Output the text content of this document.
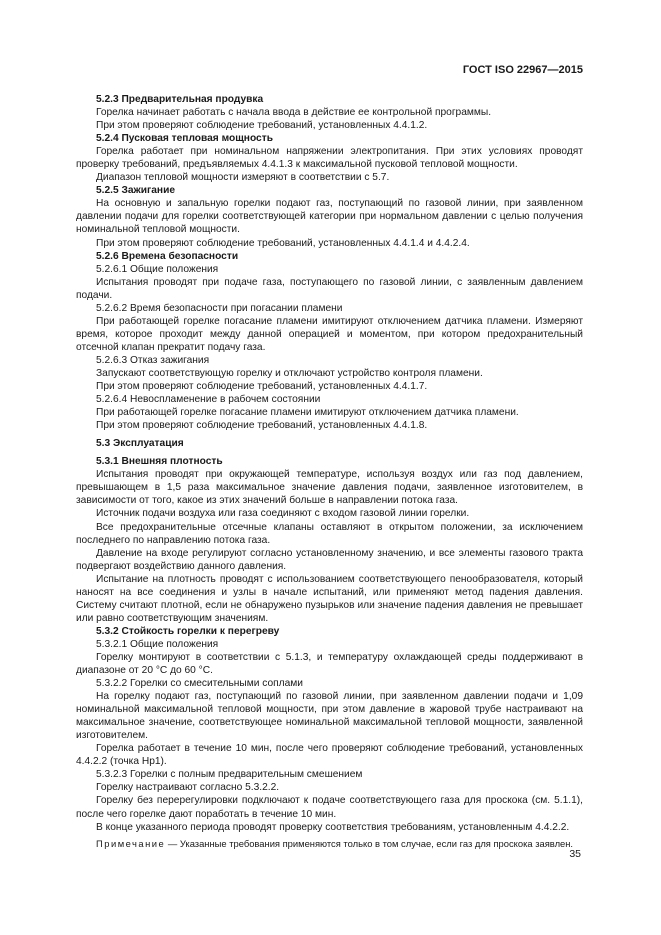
ГОСТ ISO 22967—2015

5.2.3 Предварительная продувка

Горелка начинает работать с начала ввода в действие ее контрольной программы.

При этом проверяют соблюдение требований, установленных 4.4.1.2.

5.2.4 Пусковая тепловая мощность

Горелка работает при номинальном напряжении электропитания. При этих условиях проводят проверку требований, предъявляемых 4.4.1.3 к максимальной пусковой тепловой мощности.

Диапазон тепловой мощности измеряют в соответствии с 5.7.

5.2.5 Зажигание

На основную и запальную горелки подают газ, поступающий по газовой линии, при заявленном давлении подачи для горелки соответствующей категории при нормальном давлении с целью получения номинальной тепловой мощности.

При этом проверяют соблюдение требований, установленных 4.4.1.4 и 4.4.2.4.

5.2.6 Времена безопасности

5.2.6.1 Общие положения

Испытания проводят при подаче газа, поступающего по газовой линии, с заявленным давлением подачи.

5.2.6.2 Время безопасности при погасании пламени

При работающей горелке погасание пламени имитируют отключением датчика пламени. Измеряют время, которое проходит между данной операцией и моментом, при котором предохранительный отсечной клапан прекратит подачу газа.

5.2.6.3 Отказ зажигания

Запускают соответствующую горелку и отключают устройство контроля пламени.

При этом проверяют соблюдение требований, установленных 4.4.1.7.

5.2.6.4 Невоспламенение в рабочем состоянии

При работающей горелке погасание пламени имитируют отключением датчика пламени.

При этом проверяют соблюдение требований, установленных 4.4.1.8.

5.3 Эксплуатация

5.3.1 Внешняя плотность

Испытания проводят при окружающей температуре, используя воздух или газ под давлением, превышающем в 1,5 раза максимальное значение давления подачи, заявленное изготовителем, в зависимости от того, какое из этих значений больше в направлении потока газа.

Источник подачи воздуха или газа соединяют с входом газовой линии горелки.

Все предохранительные отсечные клапаны оставляют в открытом положении, за исключением последнего по направлению потока газа.

Давление на входе регулируют согласно установленному значению, и все элементы газового тракта подвергают воздействию данного давления.

Испытание на плотность проводят с использованием соответствующего пенообразователя, который наносят на все соединения и узлы в начале испытаний, или применяют метод падения давления. Систему считают плотной, если не обнаружено пузырьков или значение падения давления не превышает или равно соответствующим значениям.

5.3.2 Стойкость горелки к перегреву

5.3.2.1 Общие положения

Горелку монтируют в соответствии с 5.1.3, и температуру охлаждающей среды поддерживают в диапазоне от 20 °С до 60 °С.

5.3.2.2 Горелки со смесительными соплами

На горелку подают газ, поступающий по газовой линии, при заявленном давлении подачи и 1,09 номинальной максимальной тепловой мощности, при этом давление в жаровой трубе настраивают на максимальное значение, соответствующее номинальной максимальной тепловой мощности, заявленной изготовителем.

Горелка работает в течение 10 мин, после чего проверяют соблюдение требований, установленных 4.4.2.2 (точка Нр1).

5.3.2.3 Горелки с полным предварительным смешением

Горелку настраивают согласно 5.3.2.2.

Горелку без перерегулировки подключают к подаче соответствующего газа для проскока (см. 5.1.1), после чего горелке дают поработать в течение 10 мин.

В конце указанного периода проводят проверку соответствия требованиям, установленным 4.4.2.2.

Примечание — Указанные требования применяются только в том случае, если газ для проскока заявлен.

35
